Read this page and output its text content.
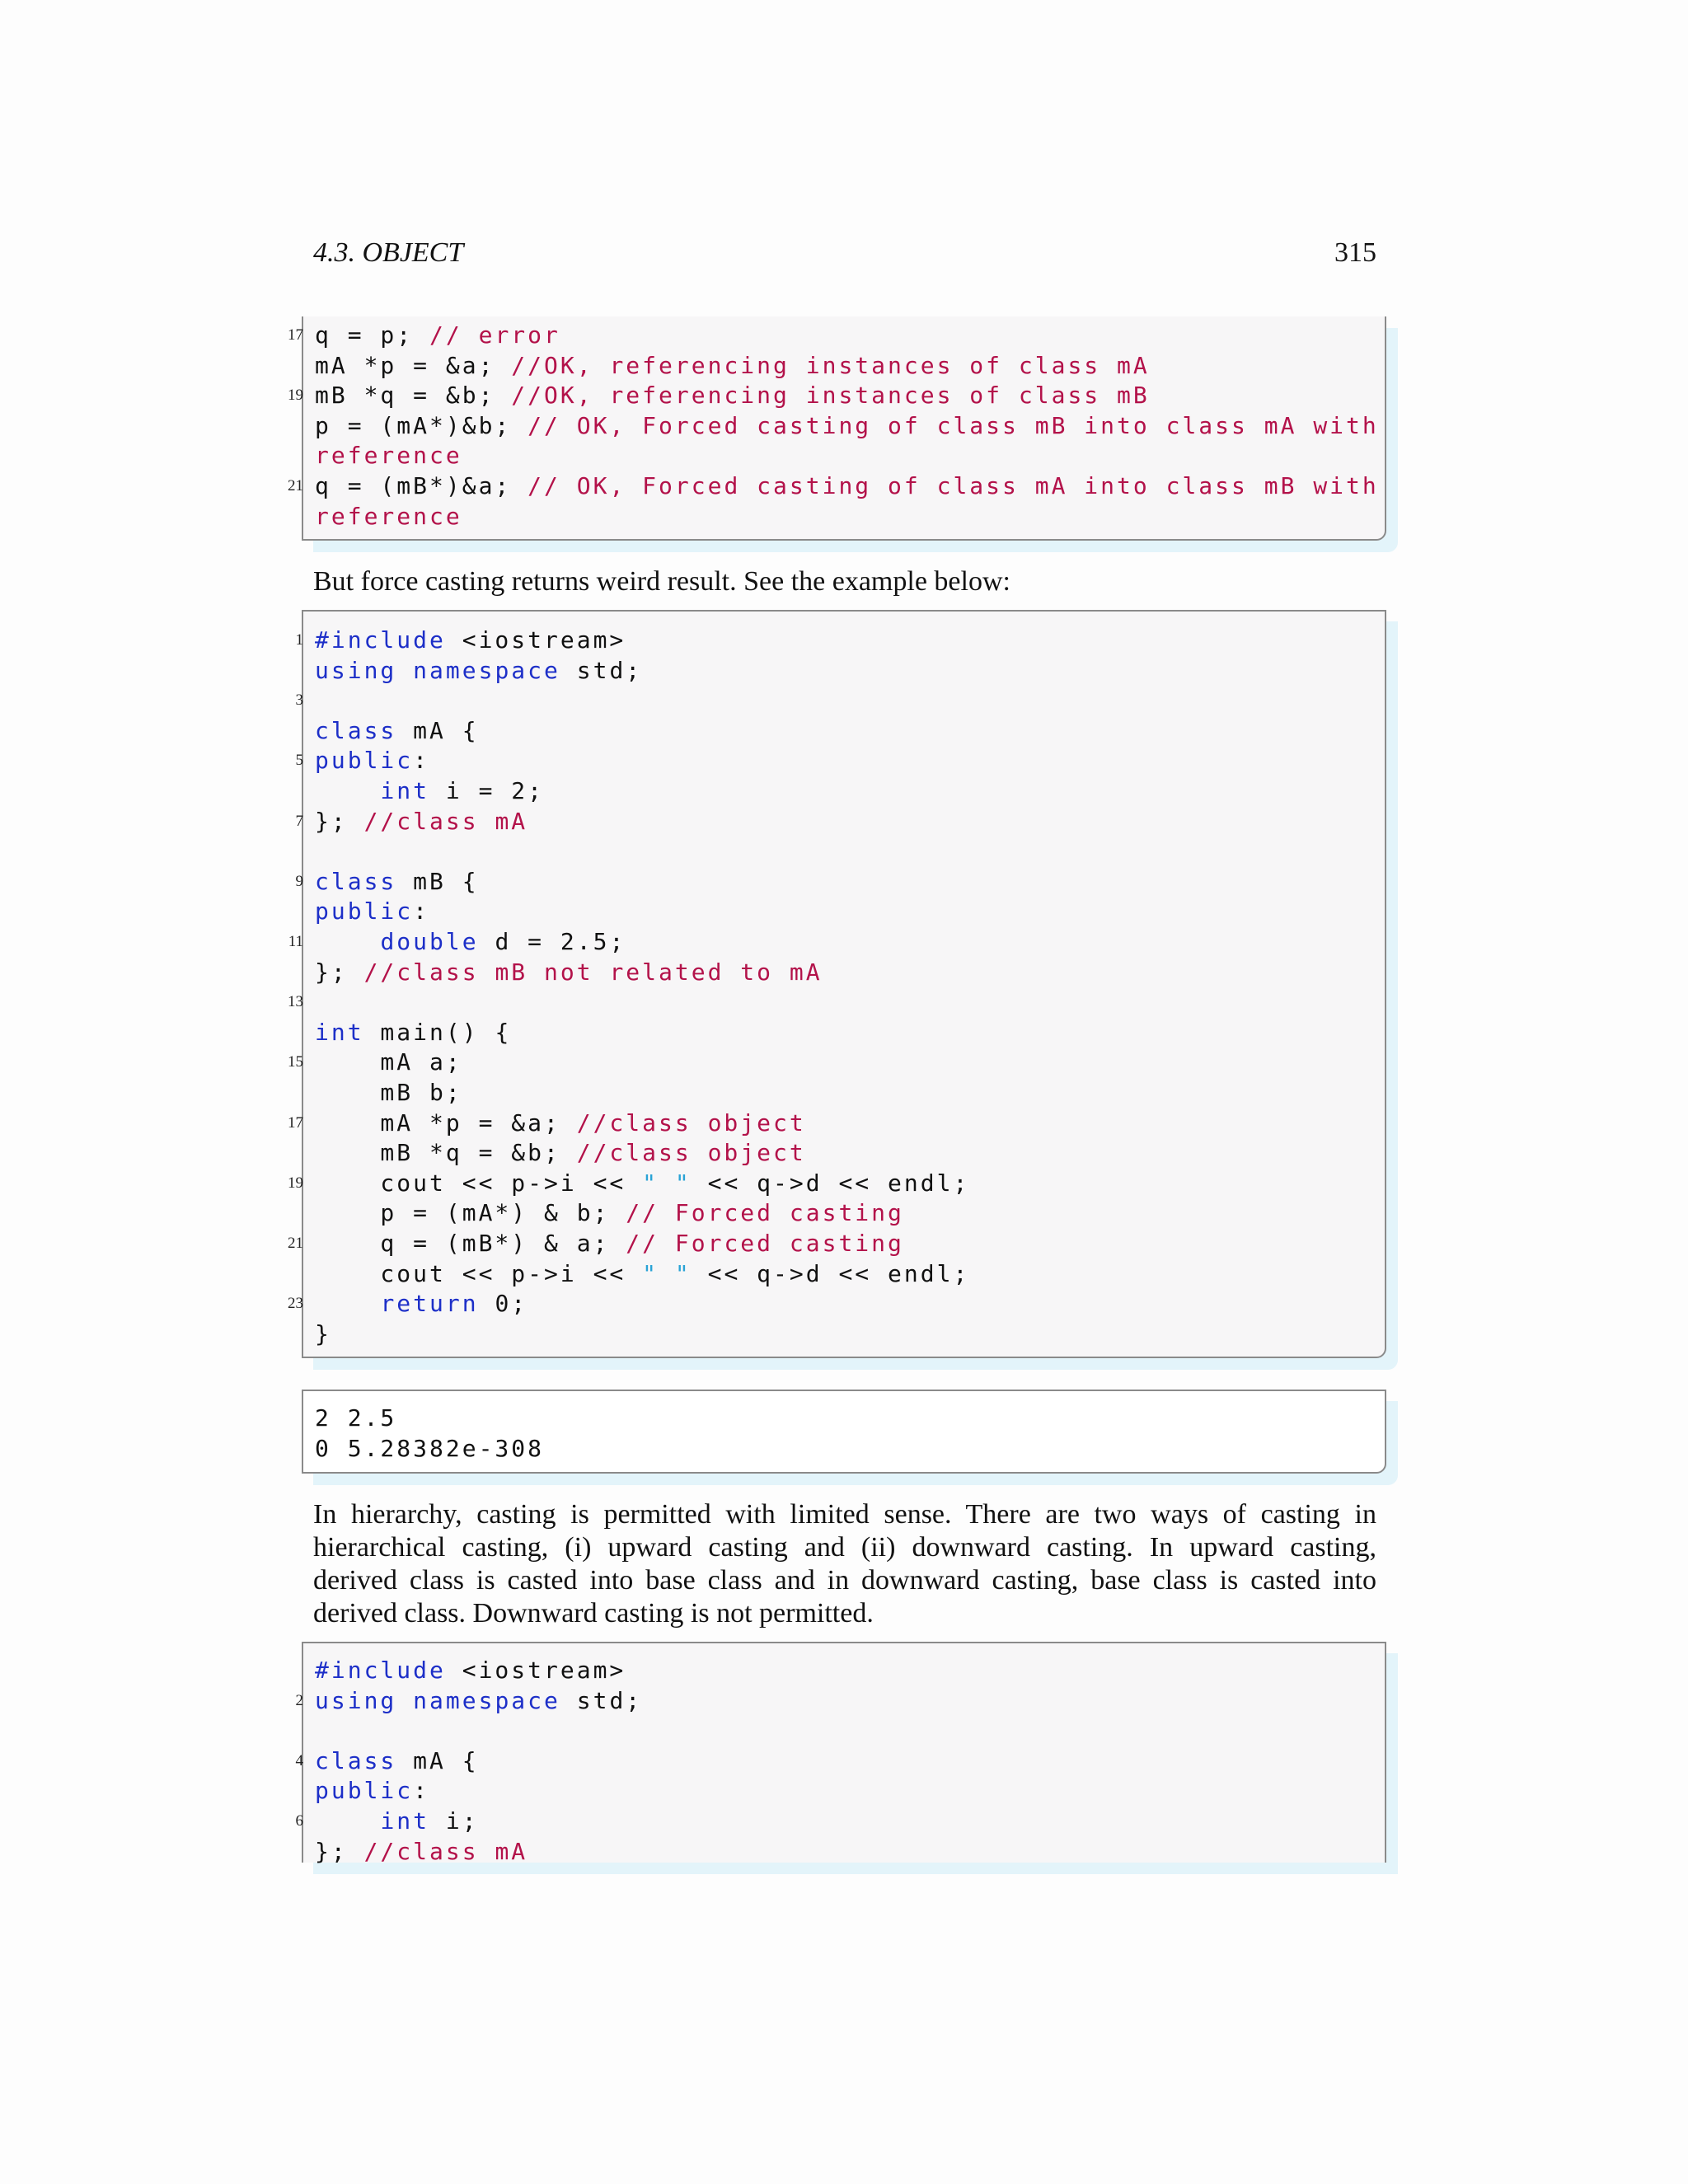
4.3. OBJECT	315
17 q = p; // error
mA *p = &a; //OK, referencing instances of class mA
19 mB *q = &b; //OK, referencing instances of class mB
p = (mA*)&b; // OK, Forced casting of class mB into class mA with
reference
21 q = (mB*)&a; // OK, Forced casting of class mA into class mB with
reference
But force casting returns weird result. See the example below:
1 #include <iostream>
using namespace std;
3
class mA {
5 public:
int i = 2;
7 }; //class mA
9 class mB {
public:
11	double d = 2.5;
}; //class mB not related to mA
13
int main() {
15 mA a;
mB b;
17 mA *p = &a; //class object
mB *q = &b; //class object
19 cout << p->i << " " << q->d << endl;
p = (mA*) & b; // Forced casting
21 q = (mB*) & a; // Forced casting
cout << p->i << " " << q->d << endl;
23	return 0;
}
2 2.5
0 5.28382e-308
In hierarchy, casting is permitted with limited sense. There are two ways of casting in
hierarchical casting, (i) upward casting and (ii) downward casting. In upward casting,
derived class is casted into base class and in downward casting, base class is casted into
derived class. Downward casting is not permitted.
#include <iostream>
2 using namespace std;
4 class mA {
public:
6	int i;
}; //class mA
